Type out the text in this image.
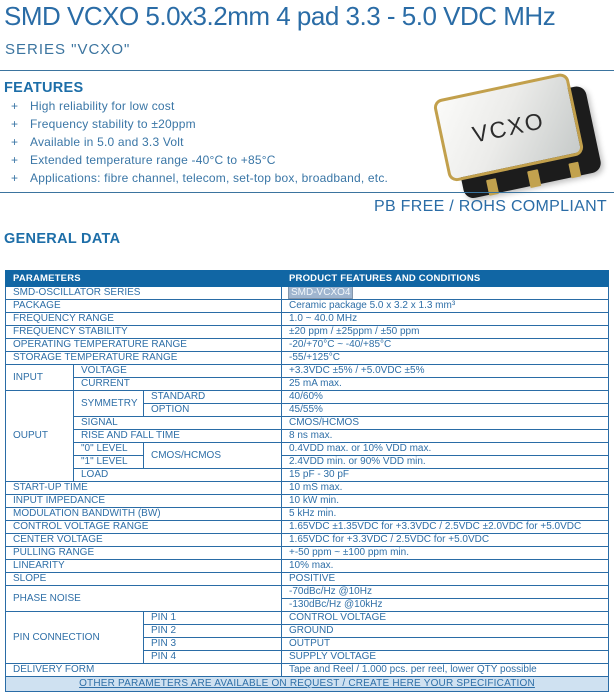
SMD VCXO 5.0x3.2mm 4 pad 3.3 - 5.0 VDC MHz
SERIES "VCXO"
FEATURES
+ High reliability for low cost
+ Frequency stability to ±20ppm
+ Available in 5.0 and 3.3 Volt
+ Extended temperature range -40°C to +85°C
+ Applications: fibre channel, telecom, set-top box, broadband, etc.
VCXO
PB FREE / ROHS COMPLIANT
GENERAL DATA
PARAMETERS			PRODUCT FEATURES AND CONDITIONS
SMD-OSCILLATOR SERIES			SMD-VCXO4
PACKAGE			Ceramic package 5.0 x 3.2 x 1.3 mm³
FREQUENCY RANGE			1.0 ~ 40.0 MHz
FREQUENCY STABILITY			±20 ppm / ±25ppm / ±50 ppm
OPERATING TEMPERATURE RANGE			-20/+70°C ~ -40/+85°C
STORAGE TEMPERATURE RANGE			-55/+125°C
INPUT	VOLTAGE		+3.3VDC ±5% / +5.0VDC ±5%
	CURRENT		25 mA max.
OUPUT	SYMMETRY	STANDARD	40/60%
		OPTION	45/55%
	SIGNAL		CMOS/HCMOS
	RISE AND FALL TIME		8 ns max.
	"0" LEVEL	CMOS/HCMOS	0.4VDD max. or 10% VDD max.
	"1" LEVEL		2.4VDD min. or 90% VDD min.
	LOAD		15 pF - 30 pF
START-UP TIME			10 mS max.
INPUT IMPEDANCE			10 kW min.
MODULATION BANDWITH (BW)			5 kHz min.
CONTROL VOLTAGE RANGE			1.65VDC ±1.35VDC for +3.3VDC / 2.5VDC ±2.0VDC for +5.0VDC
CENTER VOLTAGE			1.65VDC for +3.3VDC / 2.5VDC for +5.0VDC
PULLING RANGE			+-50 ppm ~ ±100 ppm min.
LINEARITY			10% max.
SLOPE			POSITIVE
PHASE NOISE			-70dBc/Hz @10Hz
			-130dBc/Hz @10kHz
PIN CONNECTION		PIN 1	CONTROL VOLTAGE
		PIN 2	GROUND
		PIN 3	OUTPUT
		PIN 4	SUPPLY VOLTAGE
DELIVERY FORM			Tape and Reel / 1.000 pcs. per reel, lower QTY possible
OTHER PARAMETERS ARE AVAILABLE ON REQUEST / CREATE HERE YOUR SPECIFICATION			
